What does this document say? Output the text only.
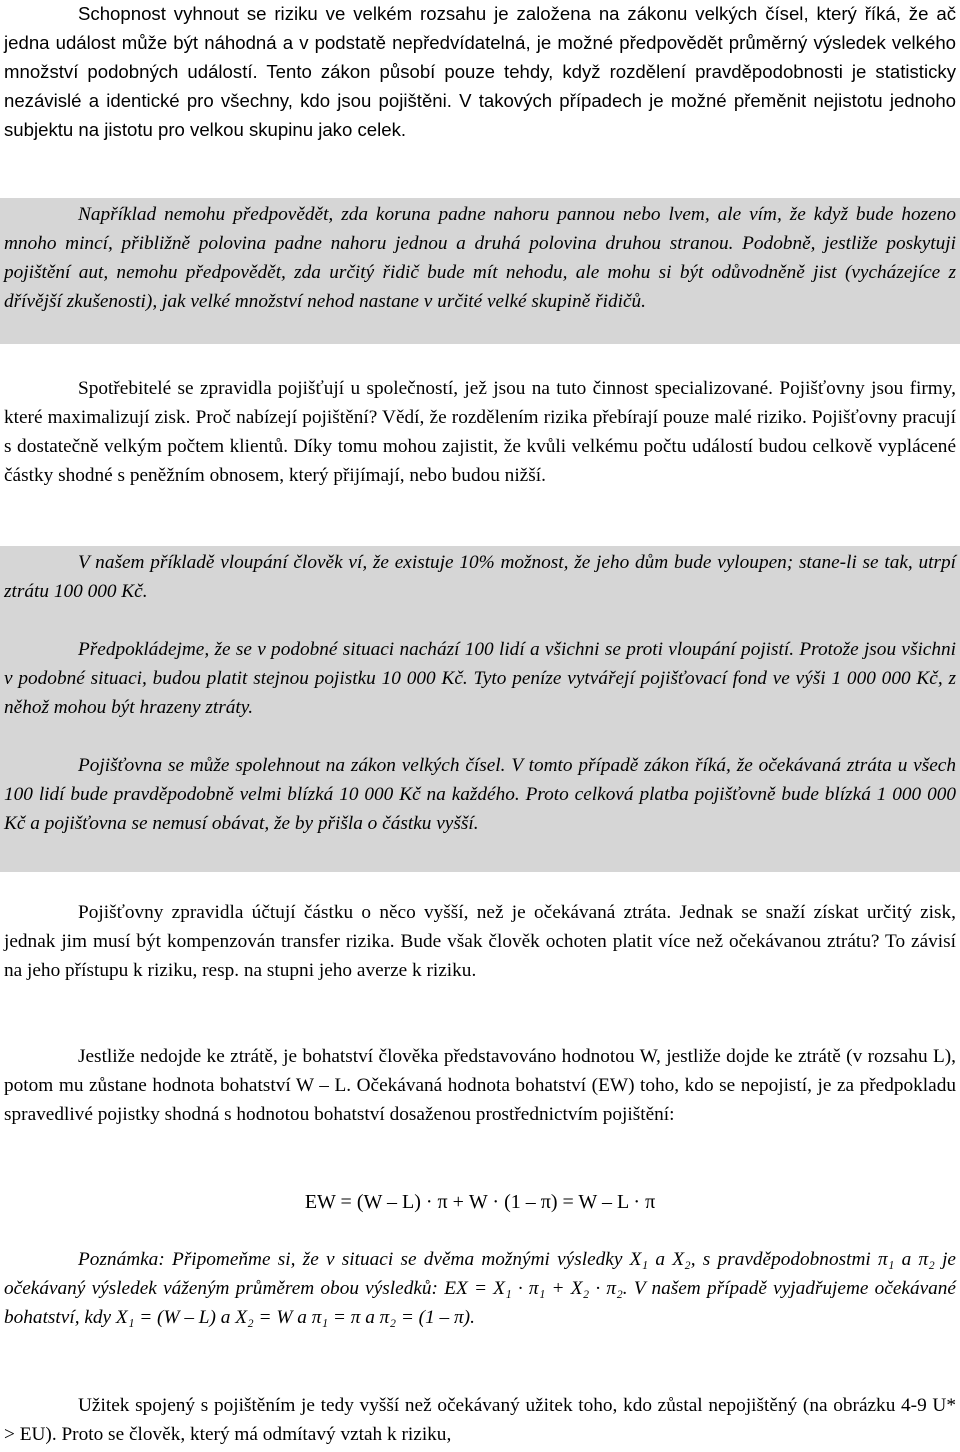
Schopnost vyhnout se riziku ve velkém rozsahu je založena na zákonu velkých čísel, který říká, že ač jedna událost může být náhodná a v podstatě nepředvídatelná, je možné předpovědět průměrný výsledek velkého množství podobných událostí. Tento zákon působí pouze tehdy, když rozdělení pravděpodobnosti je statisticky nezávislé a identické pro všechny, kdo jsou pojištěni. V takových případech je možné přeměnit nejistotu jednoho subjektu na jistotu pro velkou skupinu jako celek.

Například nemohu předpovědět, zda koruna padne nahoru pannou nebo lvem, ale vím, že když bude hozeno mnoho mincí, přibližně polovina padne nahoru jednou a druhá polovina druhou stranou. Podobně, jestliže poskytuji pojištění aut, nemohu předpovědět, zda určitý řidič bude mít nehodu, ale mohu si být odůvodněně jist (vycházejíce z dřívější zkušenosti), jak velké množství nehod nastane v určité velké skupině řidičů.

Spotřebitelé se zpravidla pojišťují u společností, jež jsou na tuto činnost specializované. Pojišťovny jsou firmy, které maximalizují zisk. Proč nabízejí pojištění? Vědí, že rozdělením rizika přebírají pouze malé riziko. Pojišťovny pracují s dostatečně velkým počtem klientů. Díky tomu mohou zajistit, že kvůli velkému počtu událostí budou celkově vyplácené částky shodné s peněžním obnosem, který přijímají, nebo budou nižší.

V našem příkladě vloupání člověk ví, že existuje 10% možnost, že jeho dům bude vyloupen; stane-li se tak, utrpí ztrátu 100 000 Kč.

Předpokládejme, že se v podobné situaci nachází 100 lidí a všichni se proti vloupání pojistí. Protože jsou všichni v podobné situaci, budou platit stejnou pojistku 10 000 Kč. Tyto peníze vytvářejí pojišťovací fond ve výši 1 000 000 Kč, z něhož mohou být hrazeny ztráty.

Pojišťovna se může spolehnout na zákon velkých čísel. V tomto případě zákon říká, že očekávaná ztráta u všech 100 lidí bude pravděpodobně velmi blízká 10 000 Kč na každého. Proto celková platba pojišťovně bude blízká 1 000 000 Kč a pojišťovna se nemusí obávat, že by přišla o částku vyšší.

Pojišťovny zpravidla účtují částku o něco vyšší, než je očekávaná ztráta. Jednak se snaží získat určitý zisk, jednak jim musí být kompenzován transfer rizika. Bude však člověk ochoten platit více než očekávanou ztrátu? To závisí na jeho přístupu k riziku, resp. na stupni jeho averze k riziku.

Jestliže nedojde ke ztrátě, je bohatství člověka představováno hodnotou W, jestliže dojde ke ztrátě (v rozsahu L), potom mu zůstane hodnota bohatství W – L. Očekávaná hodnota bohatství (EW) toho, kdo se nepojistí, je za předpokladu spravedlivé pojistky shodná s hodnotou bohatství dosaženou prostřednictvím pojištění:

EW = (W – L) · π + W · (1 – π) = W – L · π

Poznámka: Připomeňme si, že v situaci se dvěma možnými výsledky X₁ a X₂, s pravděpodobnostmi π₁ a π₂ je očekávaný výsledek váženým průměrem obou výsledků: EX = X₁ · π₁ + X₂ · π₂. V našem případě vyjadřujeme očekávané bohatství, kdy X₁ = (W – L) a X₂ = W a π₁ = π a π₂ = (1 – π).

Užitek spojený s pojištěním je tedy vyšší než očekávaný užitek toho, kdo zůstal nepojištěný (na obrázku 4-9 U* > EU). Proto se člověk, který má odmítavý vztah k riziku,
